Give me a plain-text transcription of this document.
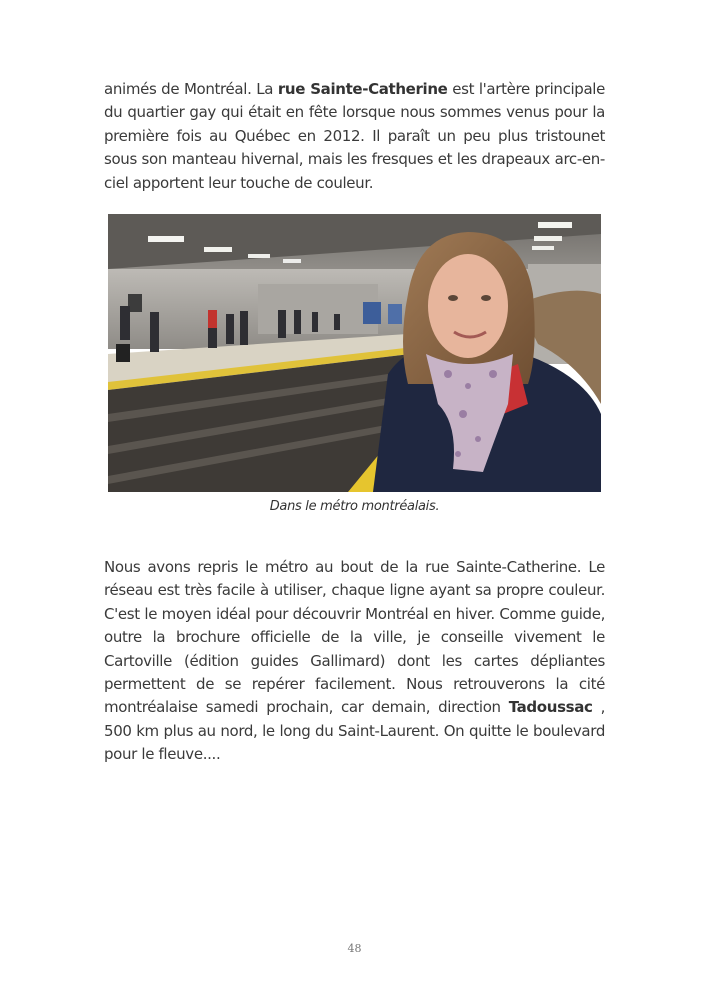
animés de Montréal. La rue Sainte-Catherine est l'artère principale du quartier gay qui était en fête lorsque nous sommes venus pour la première fois au Québec en 2012. Il paraît un peu plus tristounet sous son manteau hivernal, mais les fresques et les drapeaux arc-en-ciel apportent leur touche de couleur.

Dans le métro montréalais.

Nous avons repris le métro au bout de la rue Sainte-Catherine. Le réseau est très facile à utiliser, chaque ligne ayant sa propre couleur. C'est le moyen idéal pour découvrir Montréal en hiver. Comme guide, outre la brochure officielle de la ville, je conseille vivement le Cartoville (édition guides Gallimard) dont les cartes dépliantes permettent de se repérer facilement. Nous retrouverons la cité montréalaise samedi prochain, car demain, direction Tadoussac , 500 km plus au nord, le long du Saint-Laurent. On quitte le boulevard pour le fleuve....

48
